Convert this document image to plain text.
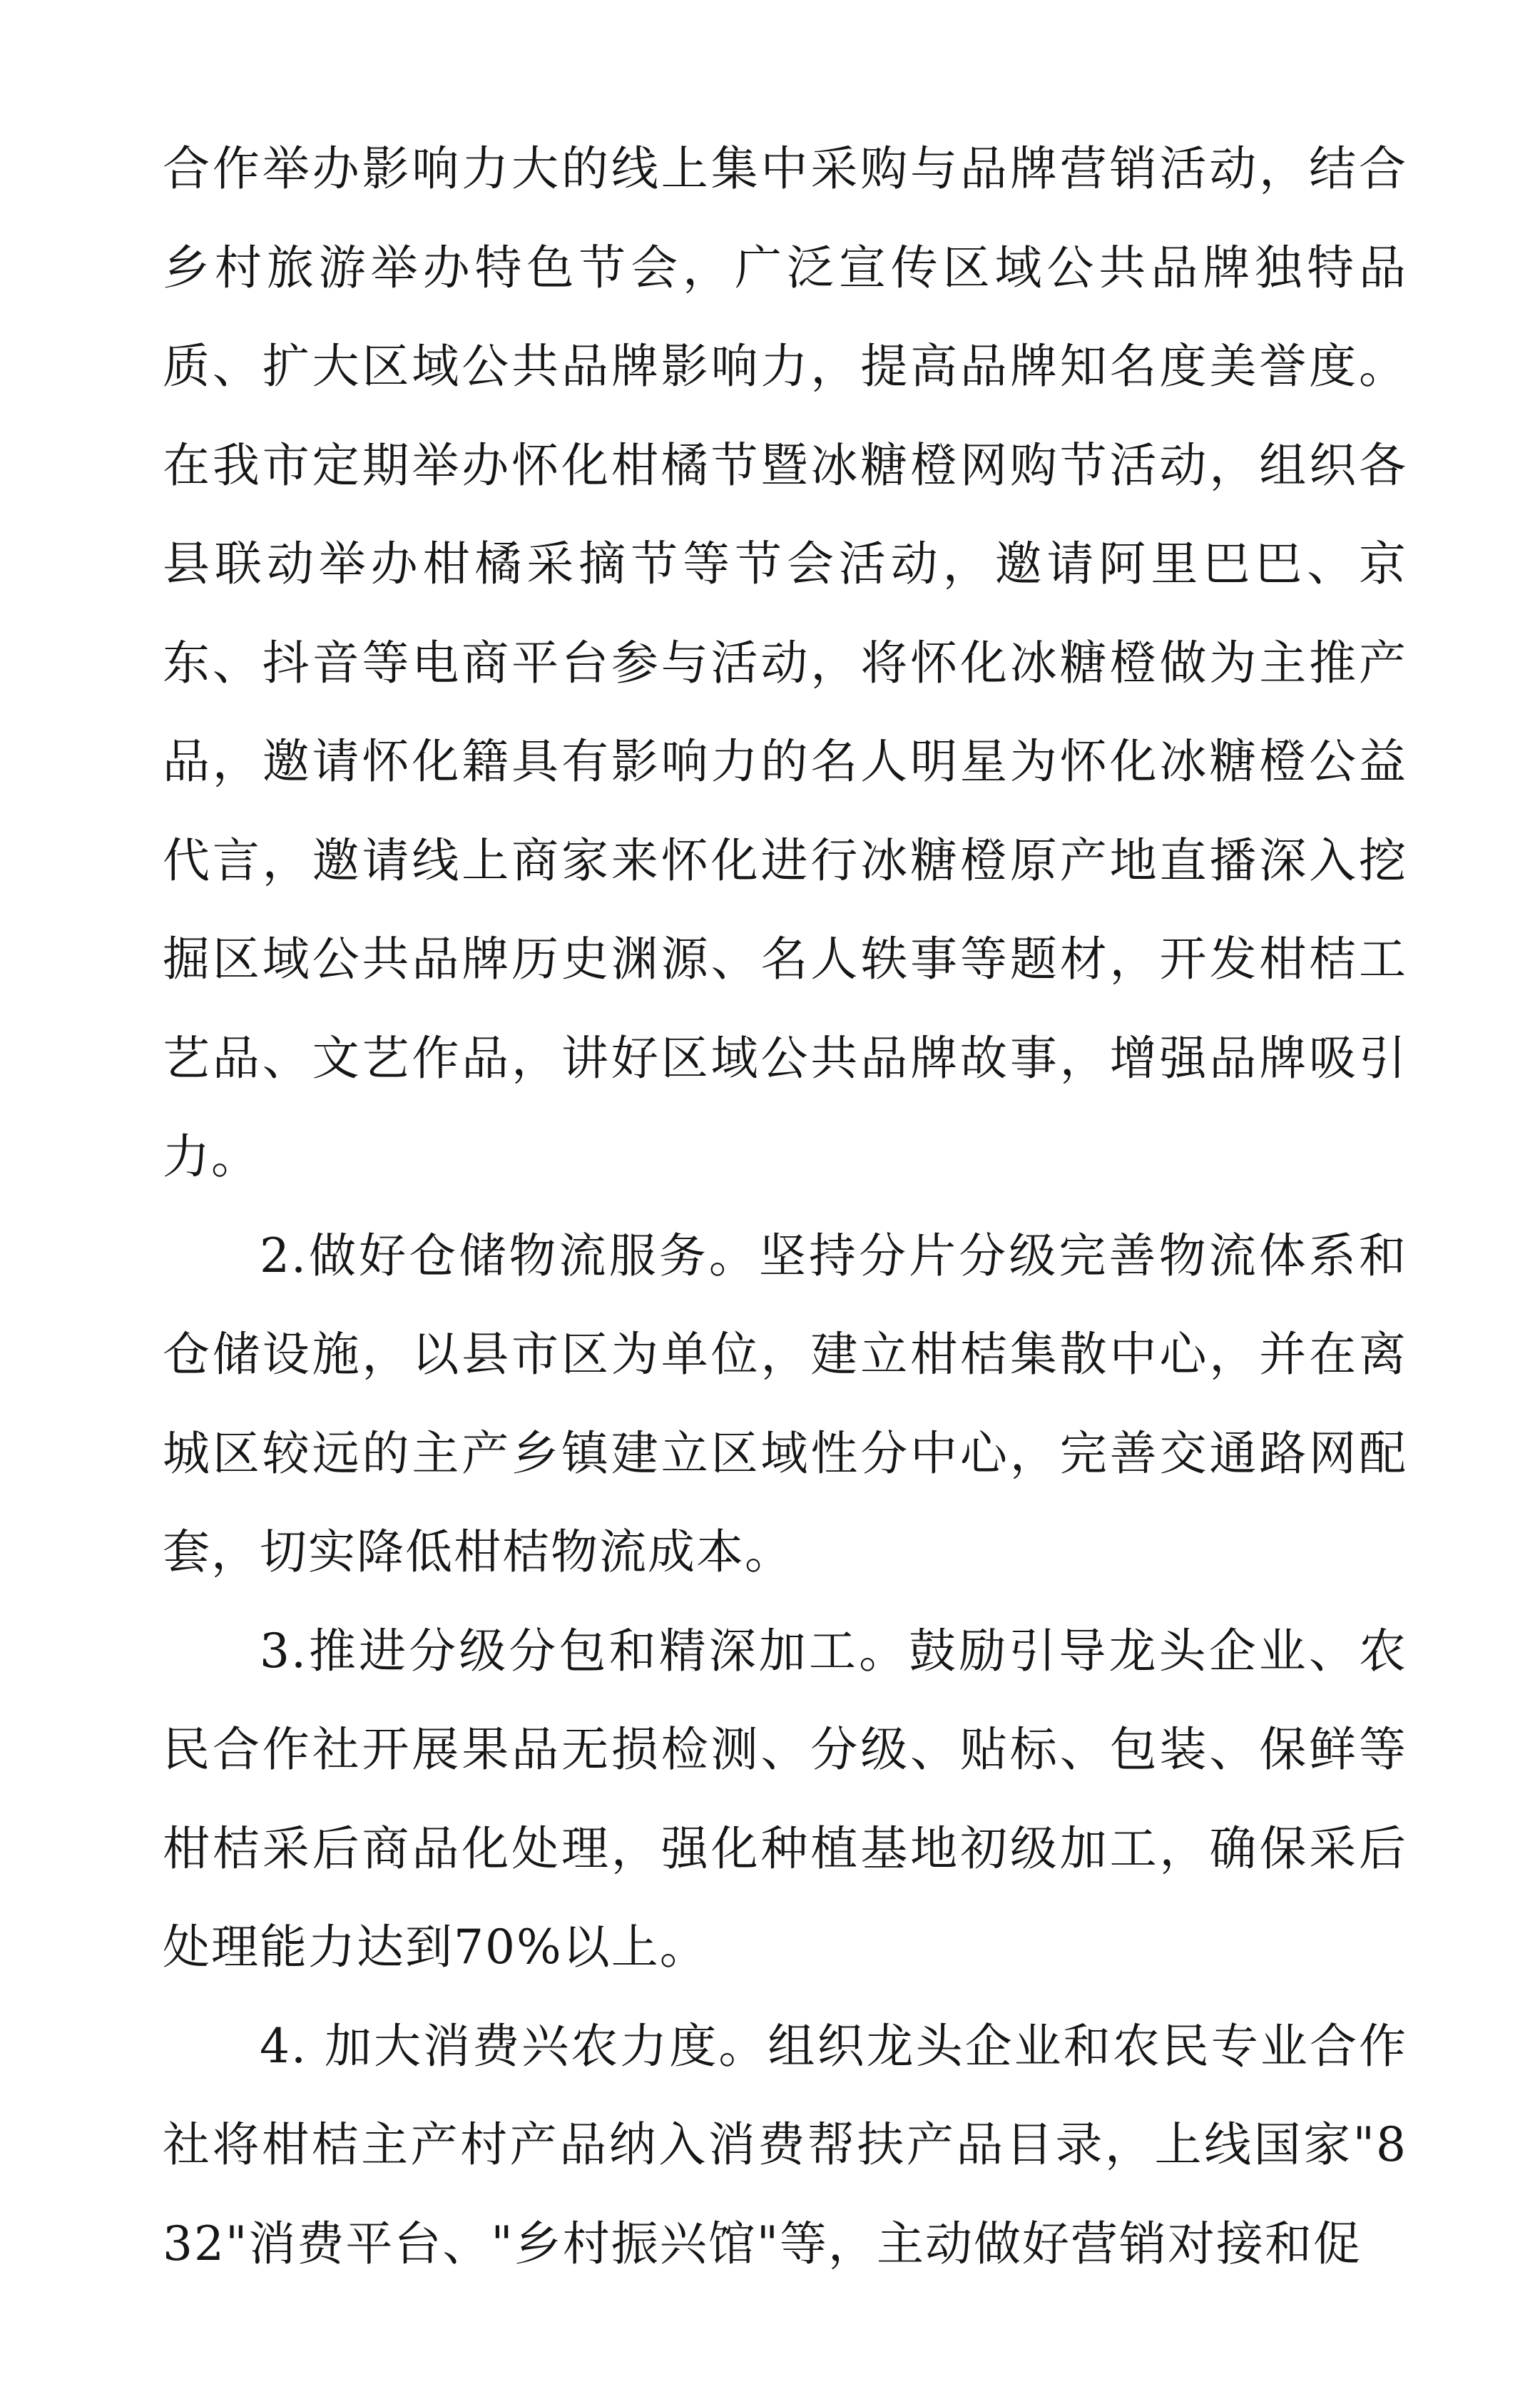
合作举办影响力大的线上集中采购与品牌营销活动，结合乡村旅游举办特色节会，广泛宣传区域公共品牌独特品质、扩大区域公共品牌影响力，提高品牌知名度美誉度。在我市定期举办怀化柑橘节暨冰糖橙网购节活动，组织各县联动举办柑橘采摘节等节会活动，邀请阿里巴巴、京东、抖音等电商平台参与活动，将怀化冰糖橙做为主推产品，邀请怀化籍具有影响力的名人明星为怀化冰糖橙公益代言，邀请线上商家来怀化进行冰糖橙原产地直播深入挖掘区域公共品牌历史渊源、名人轶事等题材，开发柑桔工艺品、文艺作品，讲好区域公共品牌故事，增强品牌吸引力。

2.做好仓储物流服务。坚持分片分级完善物流体系和仓储设施，以县市区为单位，建立柑桔集散中心，并在离城区较远的主产乡镇建立区域性分中心，完善交通路网配套，切实降低柑桔物流成本。

3.推进分级分包和精深加工。鼓励引导龙头企业、农民合作社开展果品无损检测、分级、贴标、包装、保鲜等柑桔采后商品化处理，强化种植基地初级加工，确保采后处理能力达到70%以上。

4. 加大消费兴农力度。组织龙头企业和农民专业合作社将柑桔主产村产品纳入消费帮扶产品目录，上线国家"832"消费平台、"乡村振兴馆"等，主动做好营销对接和促
